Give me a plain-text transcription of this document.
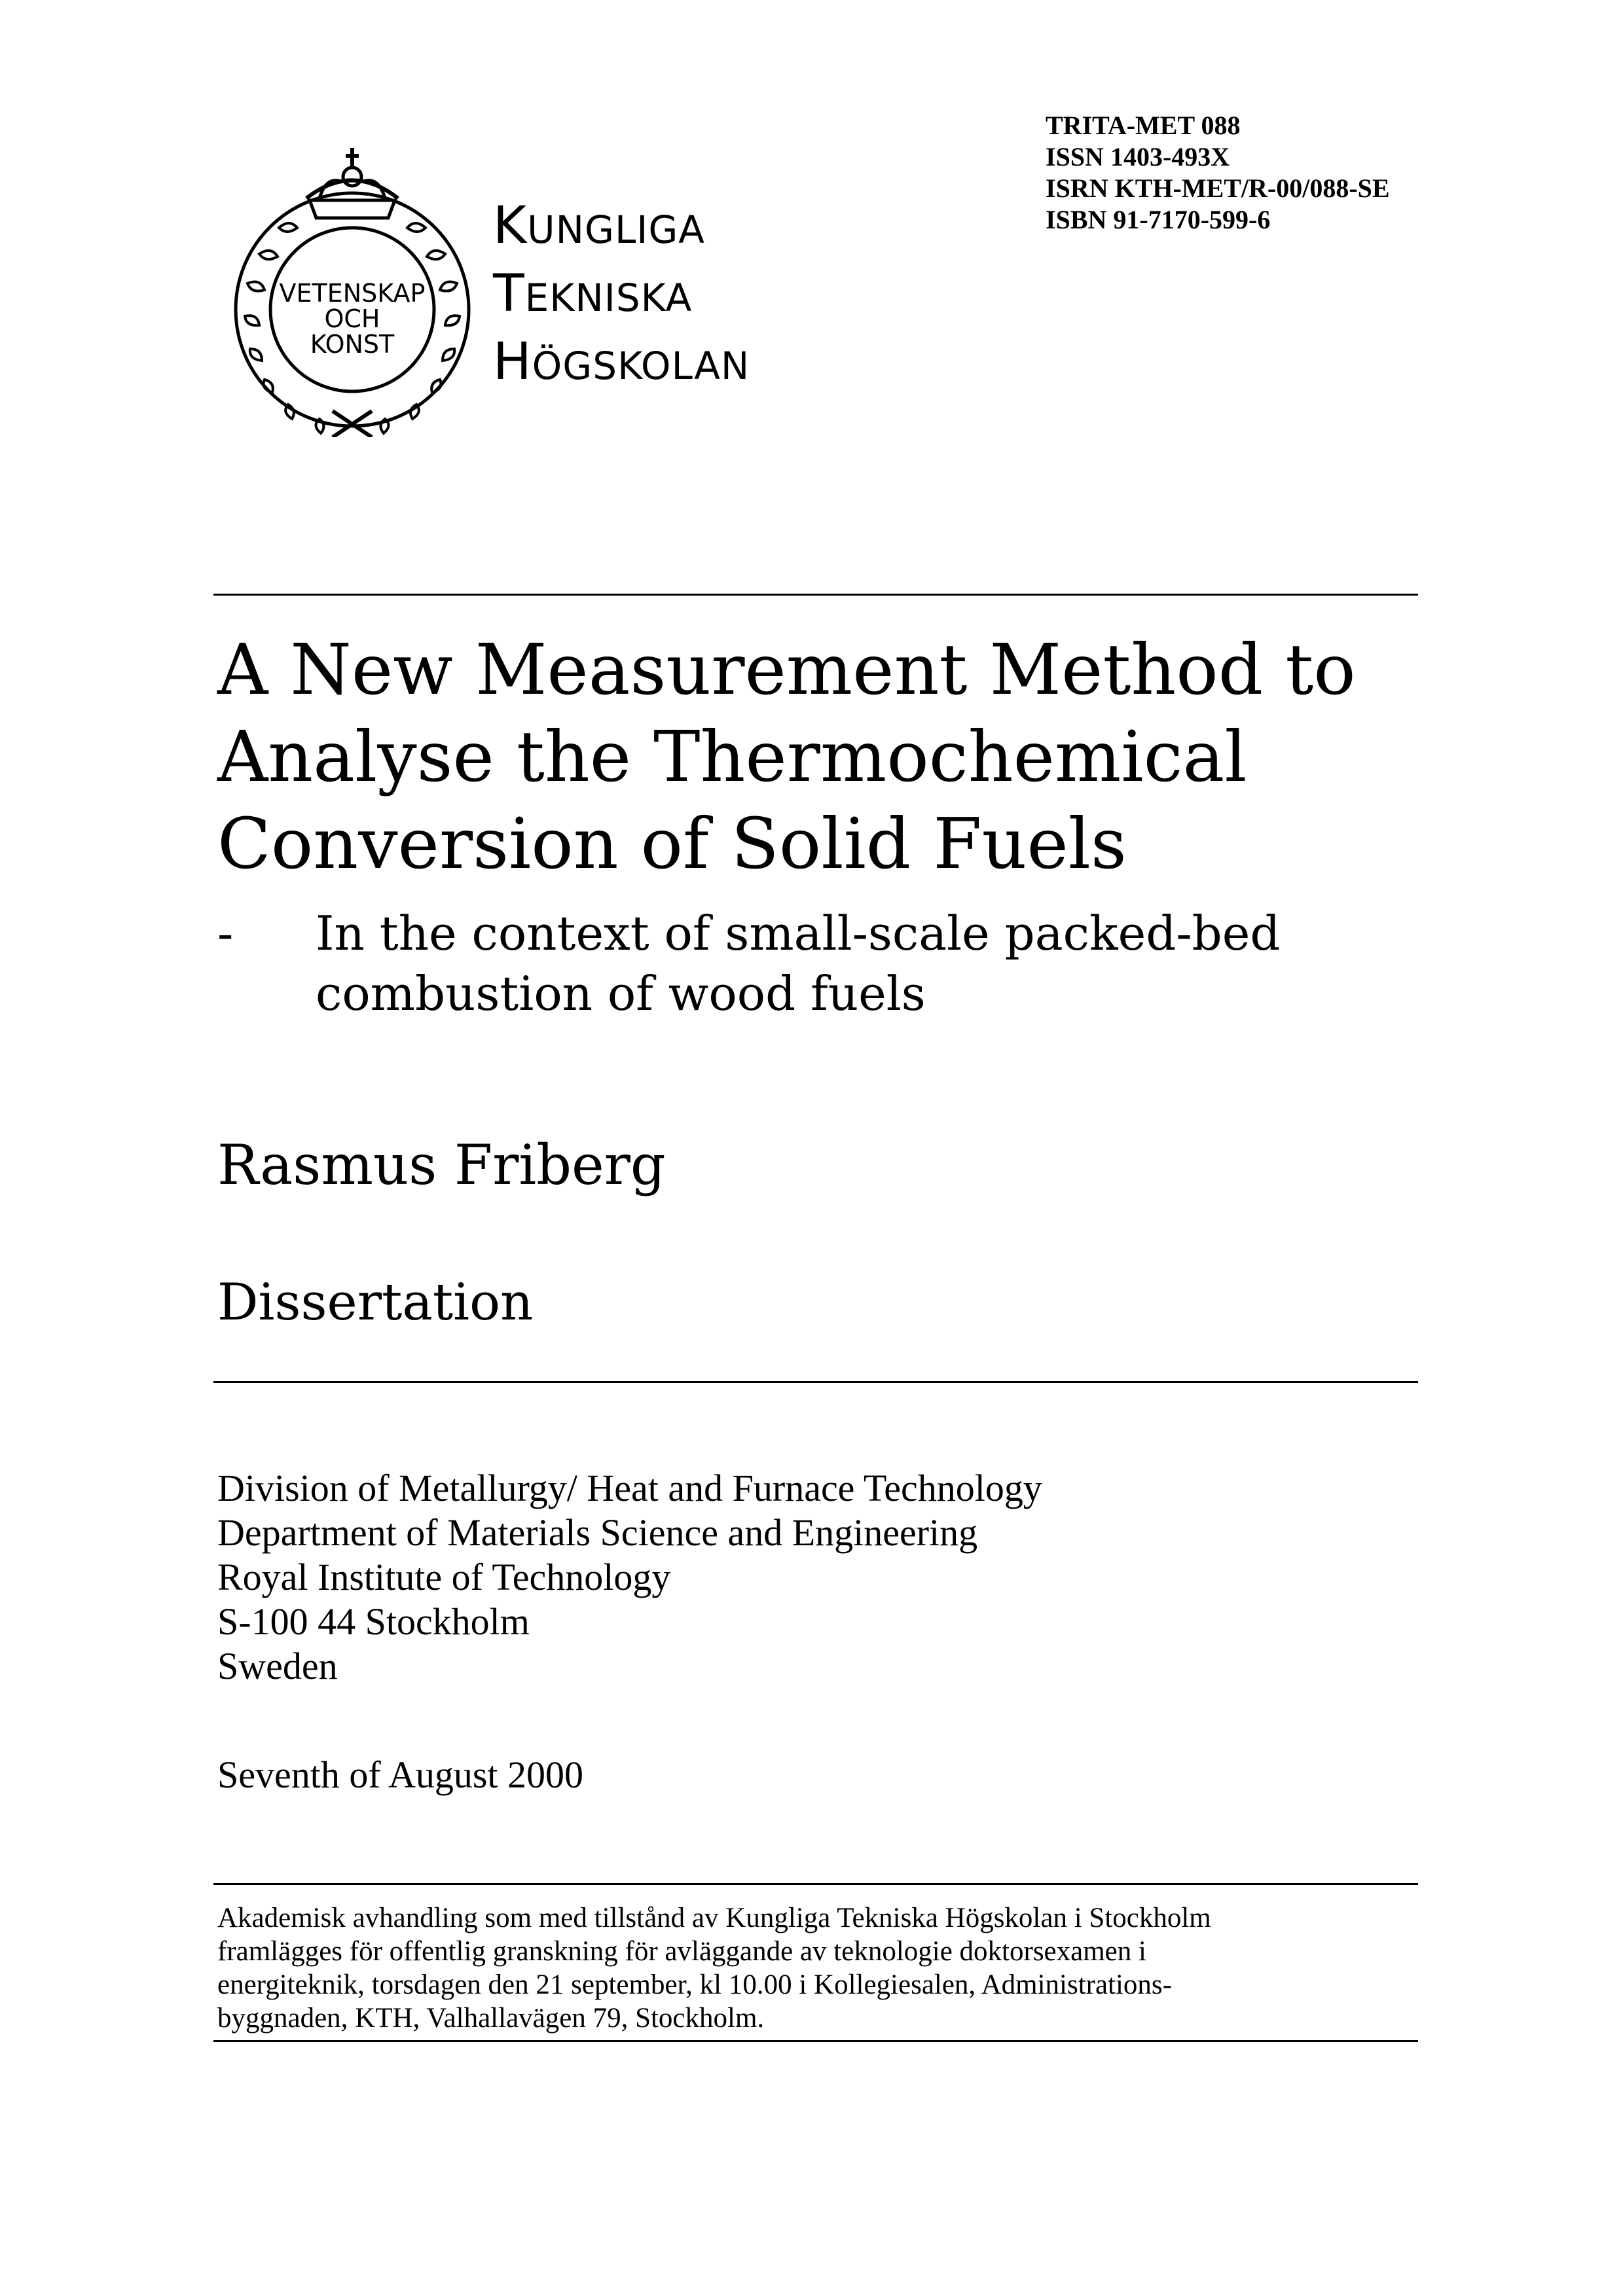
VETENSKAP
OCH
KONST
KUNGLIGA
TEKNISKA
HÖGSKOLAN
TRITA-MET 088
ISSN 1403-493X
ISRN KTH-MET/R-00/088-SE
ISBN 91-7170-599-6
A New Measurement Method to
Analyse the Thermochemical
Conversion of Solid Fuels
- In the context of small-scale packed-bed
combustion of wood fuels
Rasmus Friberg
Dissertation
Division of Metallurgy/ Heat and Furnace Technology
Department of Materials Science and Engineering
Royal Institute of Technology
S-100 44 Stockholm
Sweden
Seventh of August 2000
Akademisk avhandling som med tillstånd av Kungliga Tekniska Högskolan i Stockholm
framlägges för offentlig granskning för avläggande av teknologie doktorsexamen i
energiteknik, torsdagen den 21 september, kl 10.00 i Kollegiesalen, Administrations-
byggnaden, KTH, Valhallavägen 79, Stockholm.
